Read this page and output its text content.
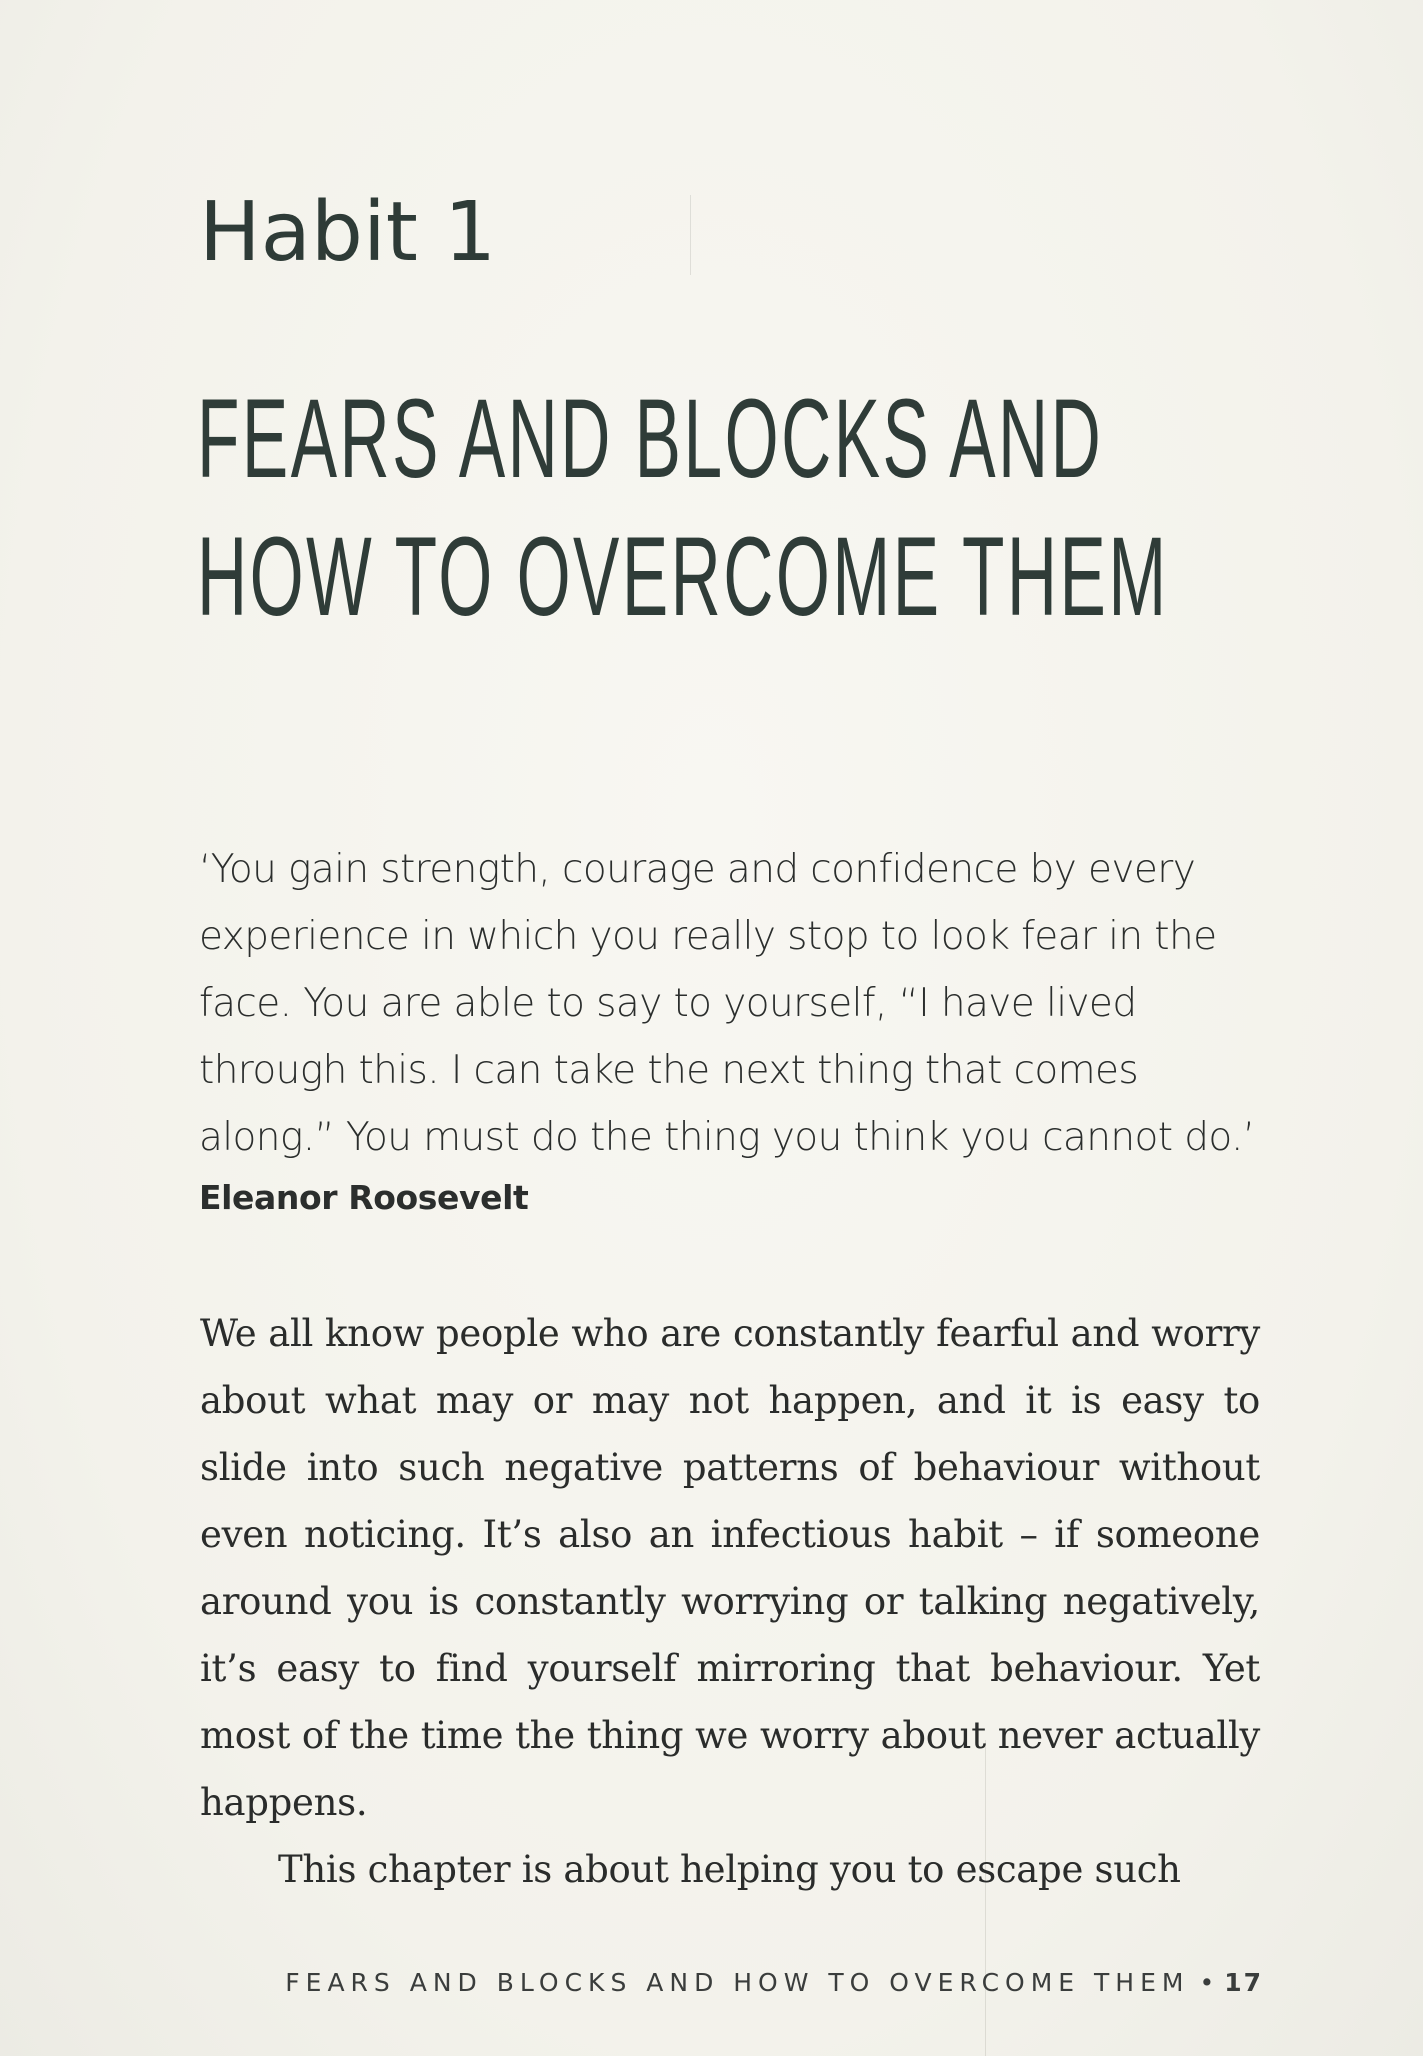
Habit 1
FEARS AND BLOCKS AND
HOW TO OVERCOME THEM

‘You gain strength, courage and confidence by every experience in which you really stop to look fear in the face. You are able to say to yourself, “I have lived through this. I can take the next thing that comes along.” You must do the thing you think you cannot do.’

Eleanor Roosevelt

We all know people who are constantly fearful and worry about what may or may not happen, and it is easy to slide into such negative patterns of behaviour without even noticing. It’s also an infectious habit – if someone around you is constantly worrying or talking negatively, it’s easy to find yourself mirroring that behaviour. Yet most of the time the thing we worry about never actually happens.

This chapter is about helping you to escape such

FEARS AND BLOCKS AND HOW TO OVERCOME THEM • 17
